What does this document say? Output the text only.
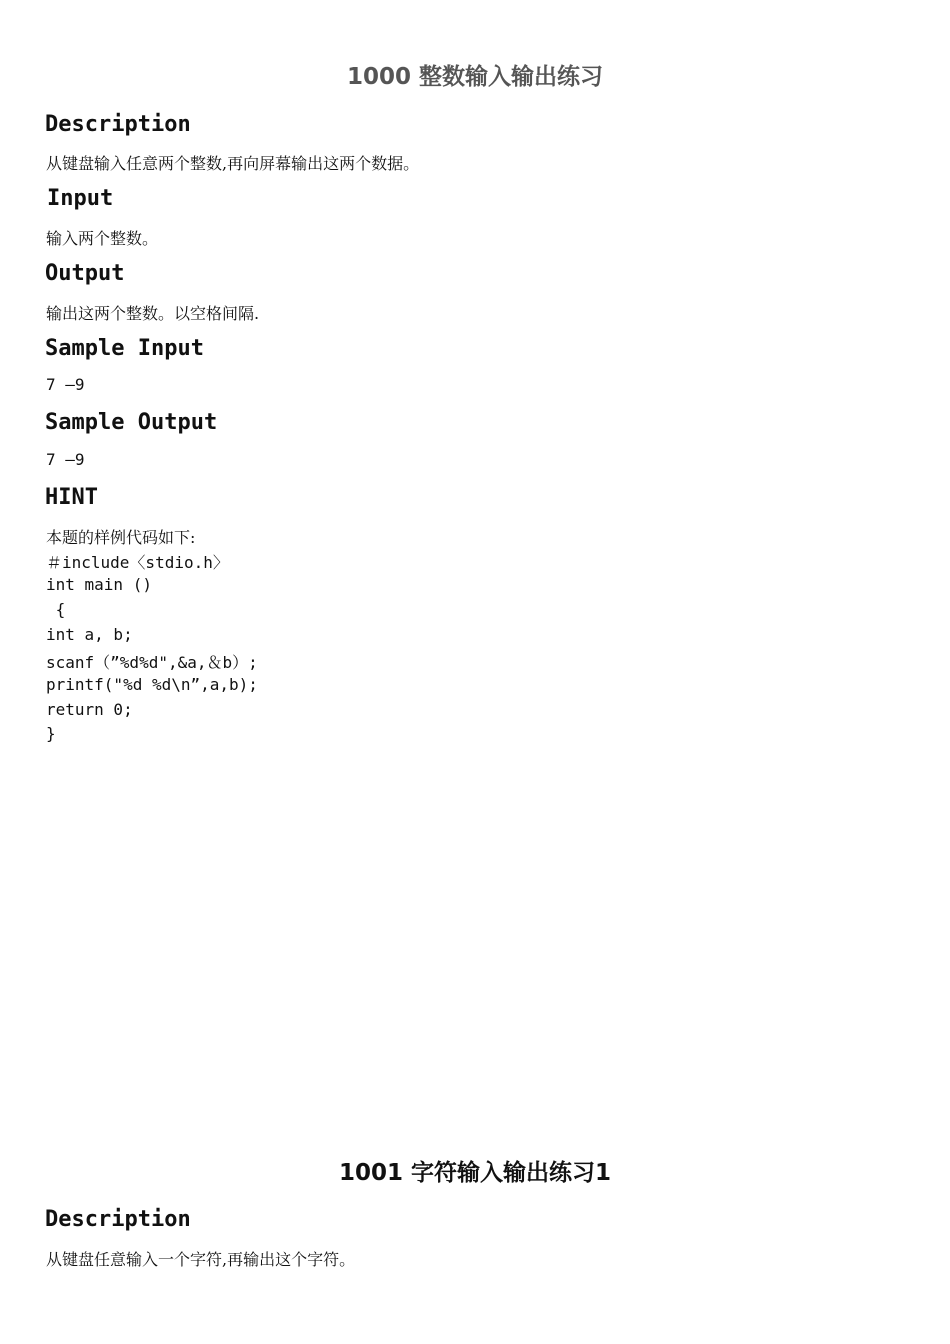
1000 整数输入输出练习
Description
从键盘输入任意两个整数,再向屏幕输出这两个数据。
Input
输入两个整数。
Output
输出这两个整数。以空格间隔.
Sample Input
7 —9
Sample Output
7 —9
HINT
本题的样例代码如下:
＃include〈stdio.h〉
int main ()
{
int a, b;
scanf（”%d%d",&a,＆b）;
printf("%d %d\n”,a,b);
return 0;
}
1001 字符输入输出练习1
Description
从键盘任意输入一个字符,再输出这个字符。
